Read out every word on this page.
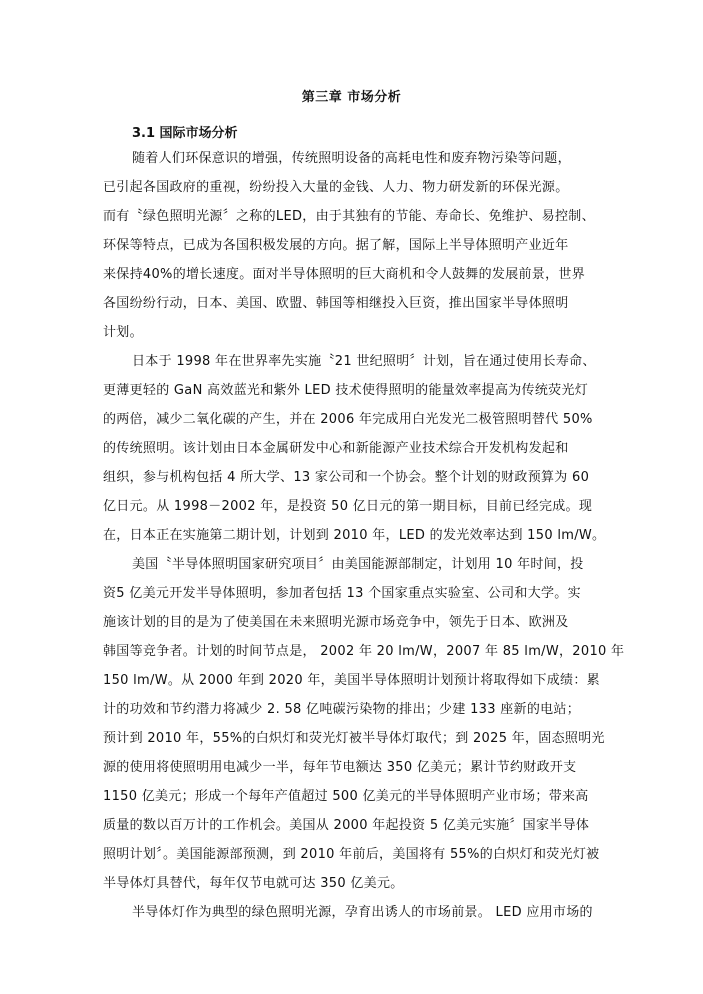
第三章 市场分析
3.1 国际市场分析
随着人们环保意识的增强，传统照明设备的高耗电性和废弃物污染等问题，
已引起各国政府的重视，纷纷投入大量的金钱、人力、物力研发新的环保光源。
而有〝绿色照明光源〞之称的LED，由于其独有的节能、寿命长、免维护、易控制、
环保等特点，已成为各国积极发展的方向。据了解，国际上半导体照明产业近年
来保持40%的增长速度。面对半导体照明的巨大商机和令人鼓舞的发展前景，世界
各国纷纷行动，日本、美国、欧盟、韩国等相继投入巨资，推出国家半导体照明
计划。
日本于 1998 年在世界率先实施〝21 世纪照明〞计划，旨在通过使用长寿命、
更薄更轻的 GaN 高效蓝光和紫外 LED 技术使得照明的能量效率提高为传统荧光灯
的两倍，减少二氧化碳的产生，并在 2006 年完成用白光发光二极管照明替代 50%
的传统照明。该计划由日本金属研发中心和新能源产业技术综合开发机构发起和
组织，参与机构包括 4 所大学、13 家公司和一个协会。整个计划的财政预算为 60
亿日元。从 1998－2002 年，是投资 50 亿日元的第一期目标，目前已经完成。现
在，日本正在实施第二期计划，计划到 2010 年，LED 的发光效率达到 150 lm/W。
美国〝半导体照明国家研究项目〞由美国能源部制定，计划用 10 年时间，投
资5 亿美元开发半导体照明，参加者包括 13 个国家重点实验室、公司和大学。实
施该计划的目的是为了使美国在未来照明光源市场竞争中，领先于日本、欧洲及
韩国等竞争者。计划的时间节点是， 2002 年 20 lm/W，2007 年 85 lm/W，2010 年
150 lm/W。从 2000 年到 2020 年，美国半导体照明计划预计将取得如下成绩：累
计的功效和节约潜力将减少 2. 58 亿吨碳污染物的排出；少建 133 座新的电站；
预计到 2010 年，55%的白炽灯和荧光灯被半导体灯取代；到 2025 年，固态照明光
源的使用将使照明用电减少一半，每年节电额达 350 亿美元；累计节约财政开支
1150 亿美元；形成一个每年产值超过 500 亿美元的半导体照明产业市场；带来高
质量的数以百万计的工作机会。美国从 2000 年起投资 5 亿美元实施〞国家半导体
照明计划〞。美国能源部预测，到 2010 年前后，美国将有 55%的白炽灯和荧光灯被
半导体灯具替代，每年仅节电就可达 350 亿美元。
半导体灯作为典型的绿色照明光源，孕育出诱人的市场前景。 LED 应用市场的
